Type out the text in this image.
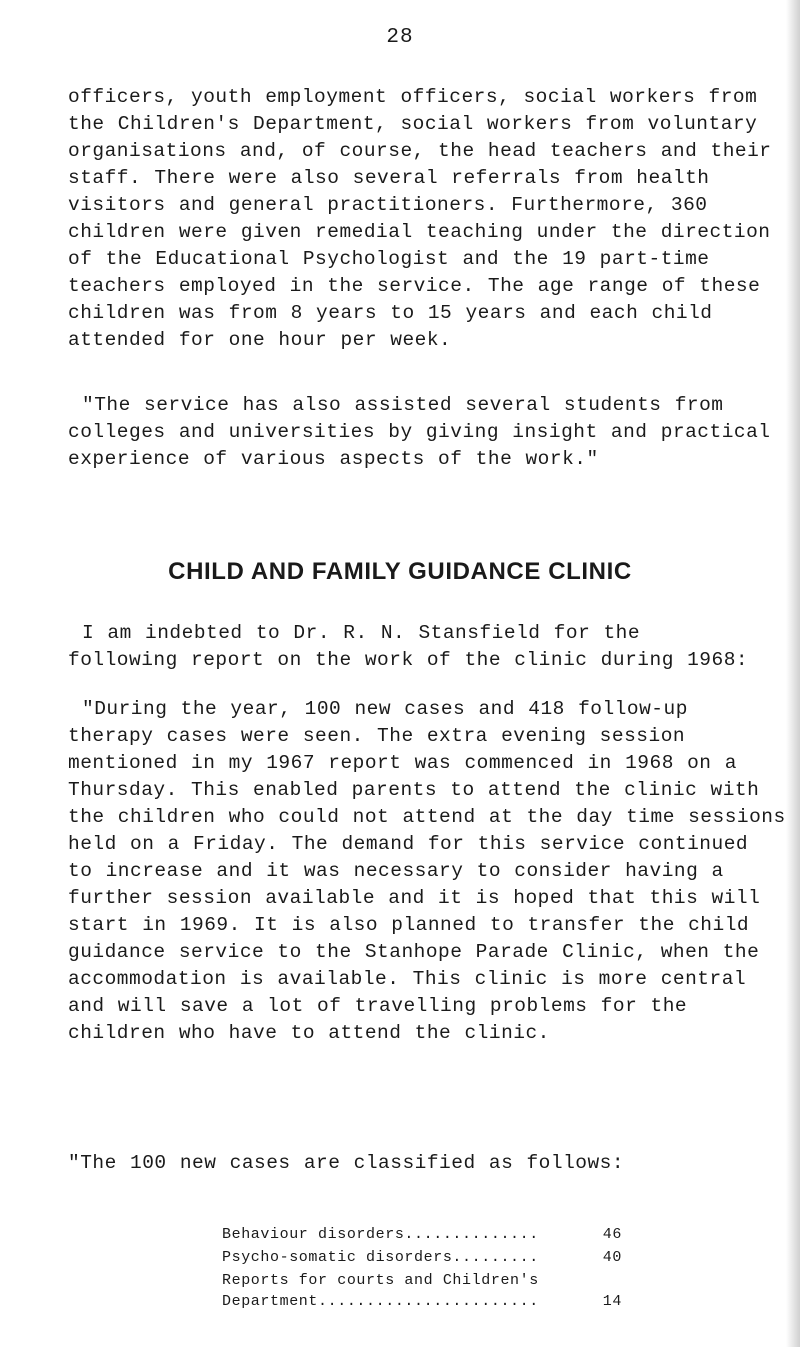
28

officers, youth employment officers, social workers from
the Children's Department, social workers from voluntary
organisations and, of course, the head teachers and their
staff. There were also several referrals from health
visitors and general practitioners. Furthermore, 360
children were given remedial teaching under the direction
of the Educational Psychologist and the 19 part-time
teachers employed in the service. The age range of these
children was from 8 years to 15 years and each child
attended for one hour per week.

"The service has also assisted several students from
colleges and universities by giving insight and practical
experience of various aspects of the work."

CHILD AND FAMILY GUIDANCE CLINIC

I am indebted to Dr. R. N. Stansfield for the
following report on the work of the clinic during 1968:

"During the year, 100 new cases and 418 follow-up
therapy cases were seen. The extra evening session
mentioned in my 1967 report was commenced in 1968 on a
Thursday. This enabled parents to attend the clinic with
the children who could not attend at the day time sessions
held on a Friday. The demand for this service continued
to increase and it was necessary to consider having a
further session available and it is hoped that this will
start in 1969. It is also planned to transfer the child
guidance service to the Stanhope Parade Clinic, when the
accommodation is available. This clinic is more central
and will save a lot of travelling problems for the
children who have to attend the clinic.

"The 100 new cases are classified as follows:

Behaviour disorders..............	46
Psycho-somatic disorders.........	40
Reports for courts and Children's
Department.......................	14
